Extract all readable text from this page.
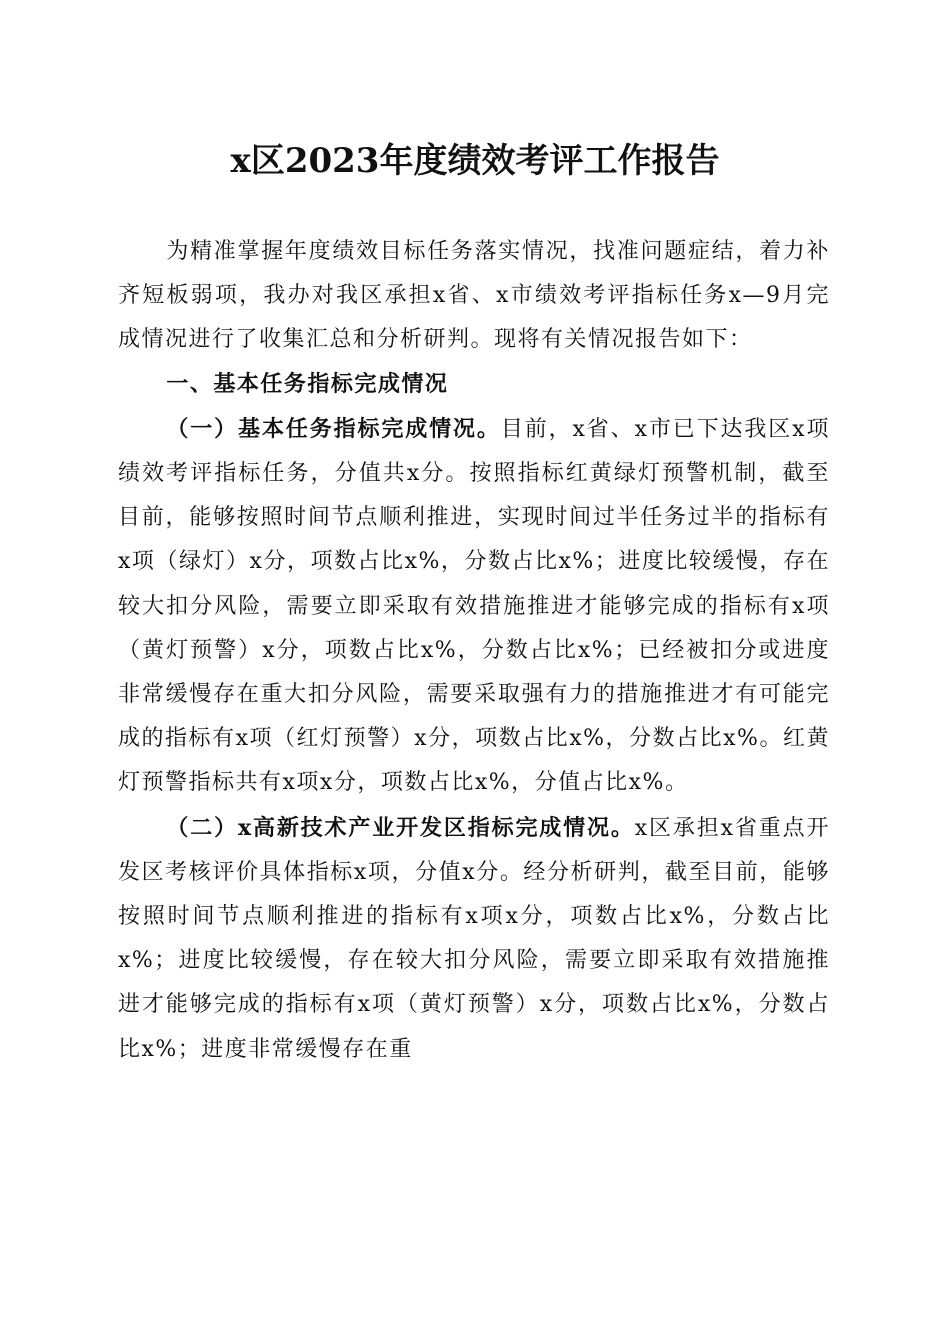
x区2023年度绩效考评工作报告

为精准掌握年度绩效目标任务落实情况，找准问题症结，着力补齐短板弱项，我办对我区承担x省、x市绩效考评指标任务x—9月完成情况进行了收集汇总和分析研判。现将有关情况报告如下：

一、基本任务指标完成情况

（一）基本任务指标完成情况。目前，x省、x市已下达我区x项绩效考评指标任务，分值共x分。按照指标红黄绿灯预警机制，截至目前，能够按照时间节点顺利推进，实现时间过半任务过半的指标有x项（绿灯）x分，项数占比x%，分数占比x%；进度比较缓慢，存在较大扣分风险，需要立即采取有效措施推进才能够完成的指标有x项（黄灯预警）x分，项数占比x%，分数占比x%；已经被扣分或进度非常缓慢存在重大扣分风险，需要采取强有力的措施推进才有可能完成的指标有x项（红灯预警）x分，项数占比x%，分数占比x%。红黄灯预警指标共有x项x分，项数占比x%，分值占比x%。

（二）x高新技术产业开发区指标完成情况。x区承担x省重点开发区考核评价具体指标x项，分值x分。经分析研判，截至目前，能够按照时间节点顺利推进的指标有x项x分，项数占比x%，分数占比x%；进度比较缓慢，存在较大扣分风险，需要立即采取有效措施推进才能够完成的指标有x项（黄灯预警）x分，项数占比x%，分数占比x%；进度非常缓慢存在重
